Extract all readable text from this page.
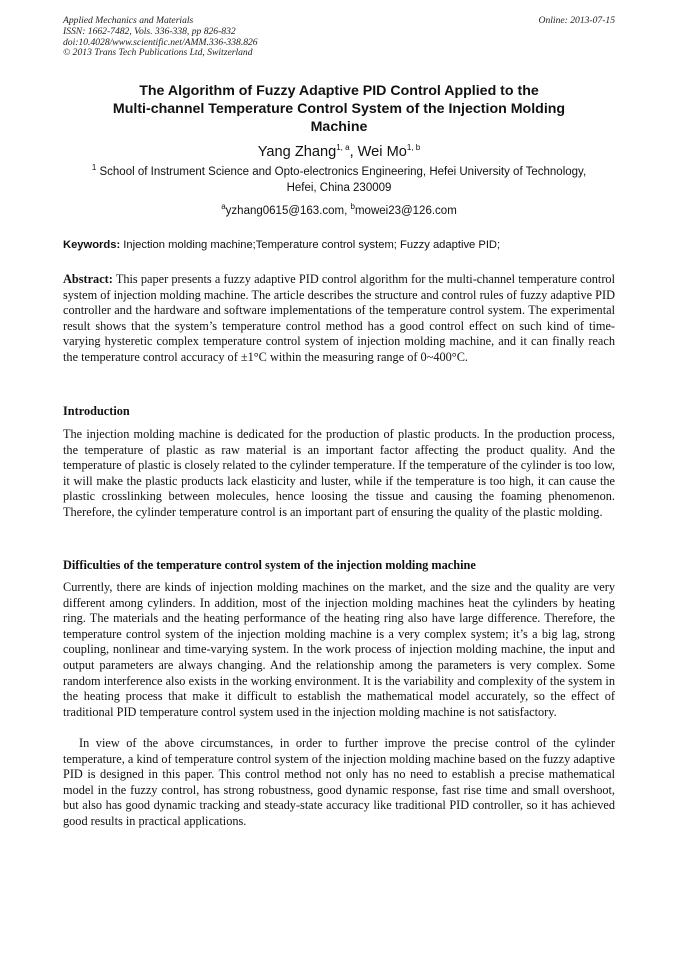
Applied Mechanics and Materials
ISSN: 1662-7482, Vols. 336-338, pp 826-832
doi:10.4028/www.scientific.net/AMM.336-338.826
© 2013 Trans Tech Publications Ltd, Switzerland
Online: 2013-07-15
The Algorithm of Fuzzy Adaptive PID Control Applied to the
Multi-channel Temperature Control System of the Injection Molding
Machine
Yang Zhang$^{1, a}$, Wei Mo$^{1, b}$
$^1$ School of Instrument Science and Opto-electronics Engineering, Hefei University of Technology,
Hefei, China 230009
$^a$yzhang0615@163.com, $^b$mowei23@126.com
Keywords: Injection molding machine;Temperature control system; Fuzzy adaptive PID;
Abstract: This paper presents a fuzzy adaptive PID control algorithm for the multi-channel temperature control system of injection molding machine. The article describes the structure and control rules of fuzzy adaptive PID controller and the hardware and software implementations of the temperature control system. The experimental result shows that the system’s temperature control method has a good control effect on such kind of time-varying hysteretic complex temperature control system of injection molding machine, and it can finally reach the temperature control accuracy of ±1°C within the measuring range of 0~400°C.
Introduction
The injection molding machine is dedicated for the production of plastic products. In the production process, the temperature of plastic as raw material is an important factor affecting the product quality. And the temperature of plastic is closely related to the cylinder temperature. If the temperature of the cylinder is too low, it will make the plastic products lack elasticity and luster, while if the temperature is too high, it can cause the plastic crosslinking between molecules, hence loosing the tissue and causing the foaming phenomenon. Therefore, the cylinder temperature control is an important part of ensuring the quality of the plastic molding.
Difficulties of the temperature control system of the injection molding machine
Currently, there are kinds of injection molding machines on the market, and the size and the quality are very different among cylinders. In addition, most of the injection molding machines heat the cylinders by heating ring. The materials and the heating performance of the heating ring also have large difference. Therefore, the temperature control system of the injection molding machine is a very complex system; it’s a big lag, strong coupling, nonlinear and time-varying system. In the work process of injection molding machine, the input and output parameters are always changing. And the relationship among the parameters is very complex. Some random interference also exists in the working environment. It is the variability and complexity of the system in the heating process that make it difficult to establish the mathematical model accurately, so the effect of traditional PID temperature control system used in the injection molding machine is not satisfactory.
In view of the above circumstances, in order to further improve the precise control of the cylinder temperature, a kind of temperature control system of the injection molding machine based on the fuzzy adaptive PID is designed in this paper. This control method not only has no need to establish a precise mathematical model in the fuzzy control, has strong robustness, good dynamic response, fast rise time and small overshoot, but also has good dynamic tracking and steady-state accuracy like traditional PID controller, so it has achieved good results in practical applications.
